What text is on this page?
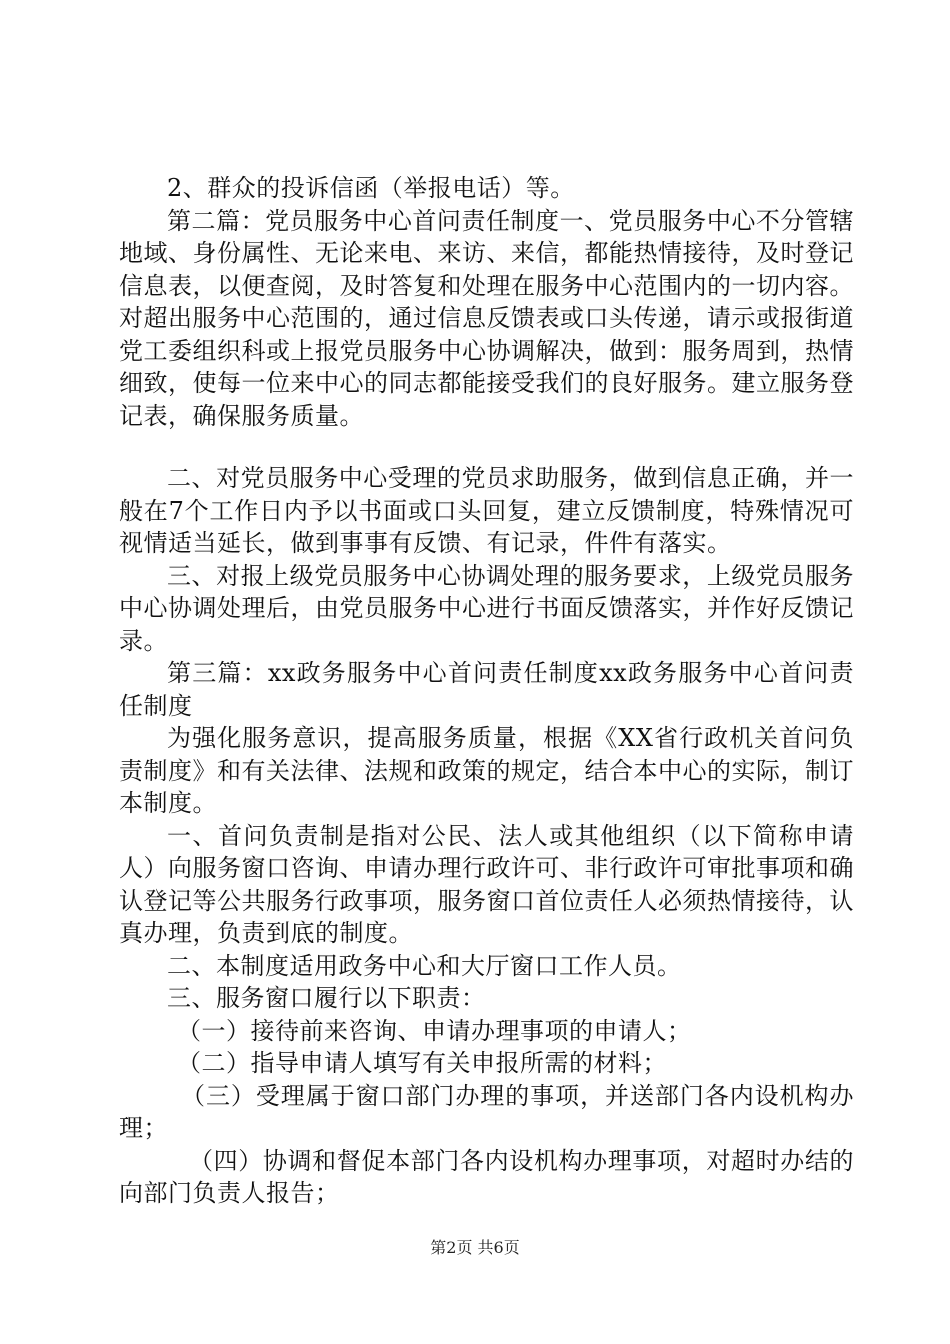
2、群众的投诉信函（举报电话）等。

第二篇：党员服务中心首问责任制度一、党员服务中心不分管辖地域、身份属性、无论来电、来访、来信，都能热情接待，及时登记信息表，以便查阅，及时答复和处理在服务中心范围内的一切内容。对超出服务中心范围的，通过信息反馈表或口头传递，请示或报街道党工委组织科或上报党员服务中心协调解决，做到：服务周到，热情细致，使每一位来中心的同志都能接受我们的良好服务。建立服务登记表，确保服务质量。

二、对党员服务中心受理的党员求助服务，做到信息正确，并一般在7个工作日内予以书面或口头回复，建立反馈制度，特殊情况可视情适当延长，做到事事有反馈、有记录，件件有落实。

三、对报上级党员服务中心协调处理的服务要求，上级党员服务中心协调处理后，由党员服务中心进行书面反馈落实，并作好反馈记录。

第三篇：xx政务服务中心首问责任制度xx政务服务中心首问责任制度

为强化服务意识，提高服务质量，根据《XX省行政机关首问负责制度》和有关法律、法规和政策的规定，结合本中心的实际，制订本制度。

一、首问负责制是指对公民、法人或其他组织（以下简称申请人）向服务窗口咨询、申请办理行政许可、非行政许可审批事项和确认登记等公共服务行政事项，服务窗口首位责任人必须热情接待，认真办理，负责到底的制度。

二、本制度适用政务中心和大厅窗口工作人员。

三、服务窗口履行以下职责：

（一）接待前来咨询、申请办理事项的申请人；

（二）指导申请人填写有关申报所需的材料；

（三）受理属于窗口部门办理的事项，并送部门各内设机构办理；

（四）协调和督促本部门各内设机构办理事项，对超时办结的向部门负责人报告；

第2页 共6页
